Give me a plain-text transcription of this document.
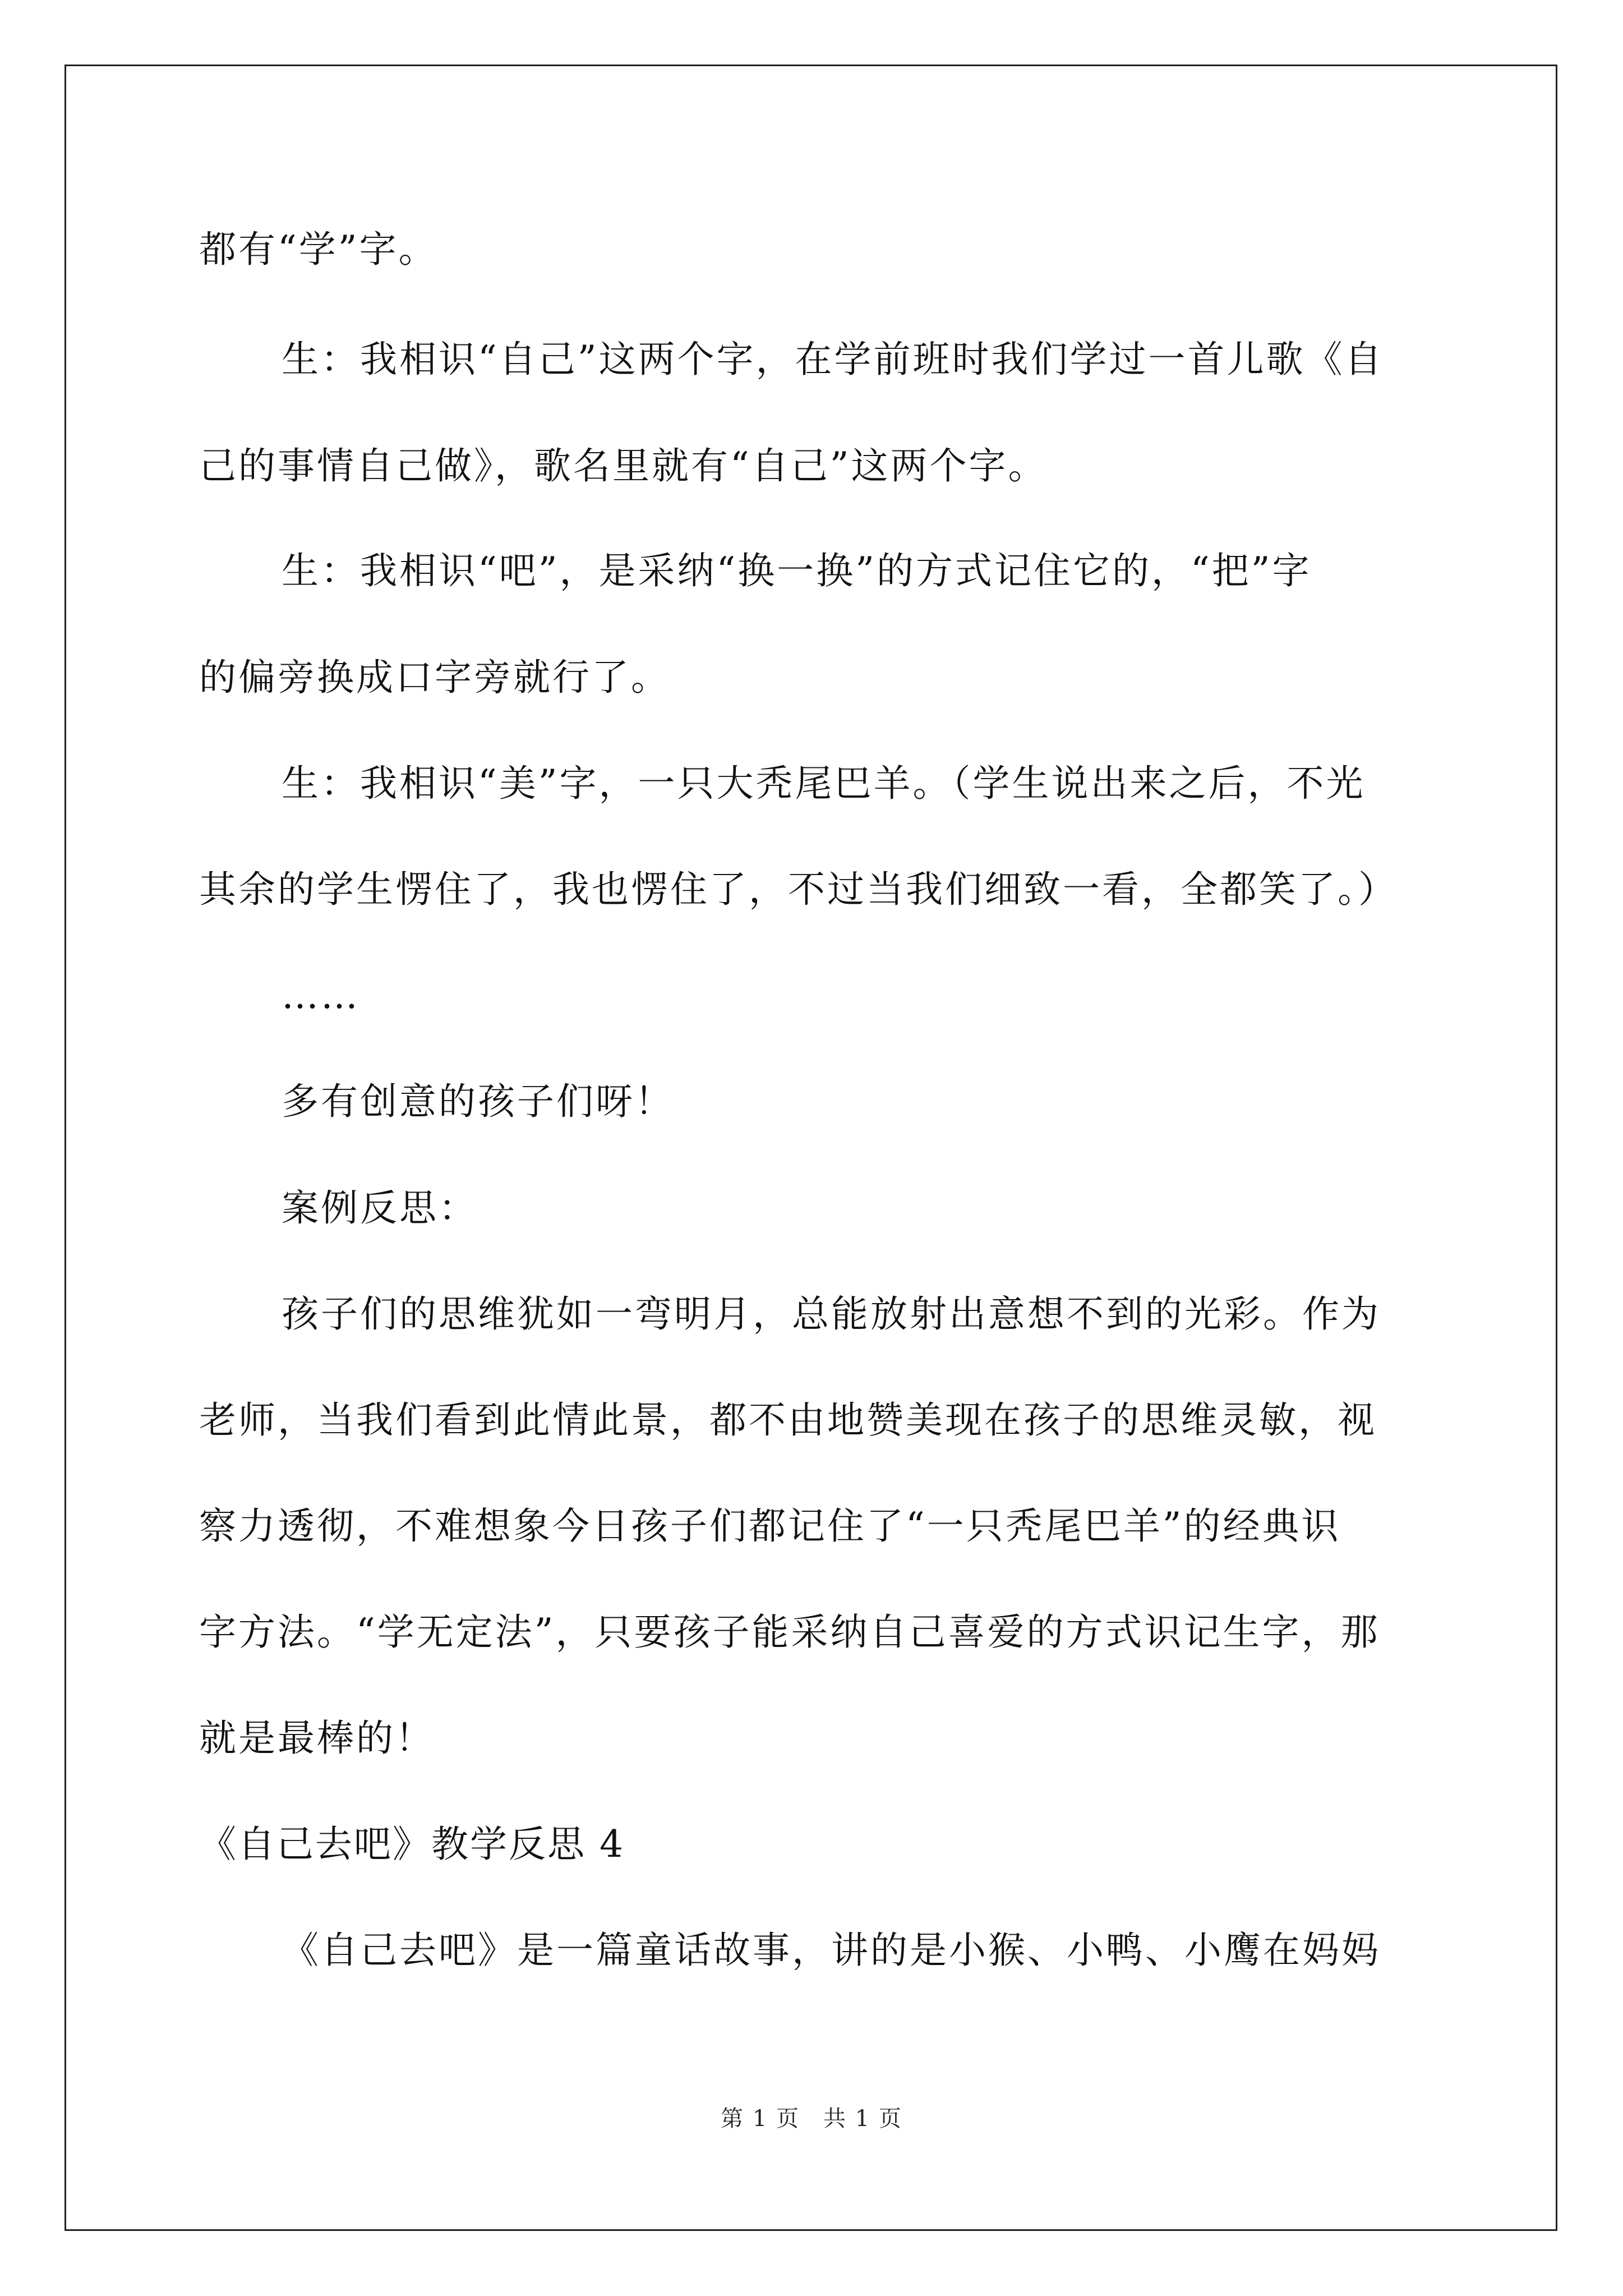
都有“学”字。
生：我相识“自己”这两个字，在学前班时我们学过一首儿歌《自
己的事情自己做》，歌名里就有“自己”这两个字。
生：我相识“吧”，是采纳“换一换”的方式记住它的，“把”字
的偏旁换成口字旁就行了。
生：我相识“美”字，一只大秃尾巴羊。（学生说出来之后，不光
其余的学生愣住了，我也愣住了，不过当我们细致一看，全都笑了。）
……
多有创意的孩子们呀！
案例反思：
孩子们的思维犹如一弯明月，总能放射出意想不到的光彩。作为
老师，当我们看到此情此景，都不由地赞美现在孩子的思维灵敏，视
察力透彻，不难想象今日孩子们都记住了“一只秃尾巴羊”的经典识
字方法。“学无定法”，只要孩子能采纳自己喜爱的方式识记生字，那
就是最棒的！
《自己去吧》教学反思 4
《自己去吧》是一篇童话故事，讲的是小猴、小鸭、小鹰在妈妈
第 1 页　共 1 页
